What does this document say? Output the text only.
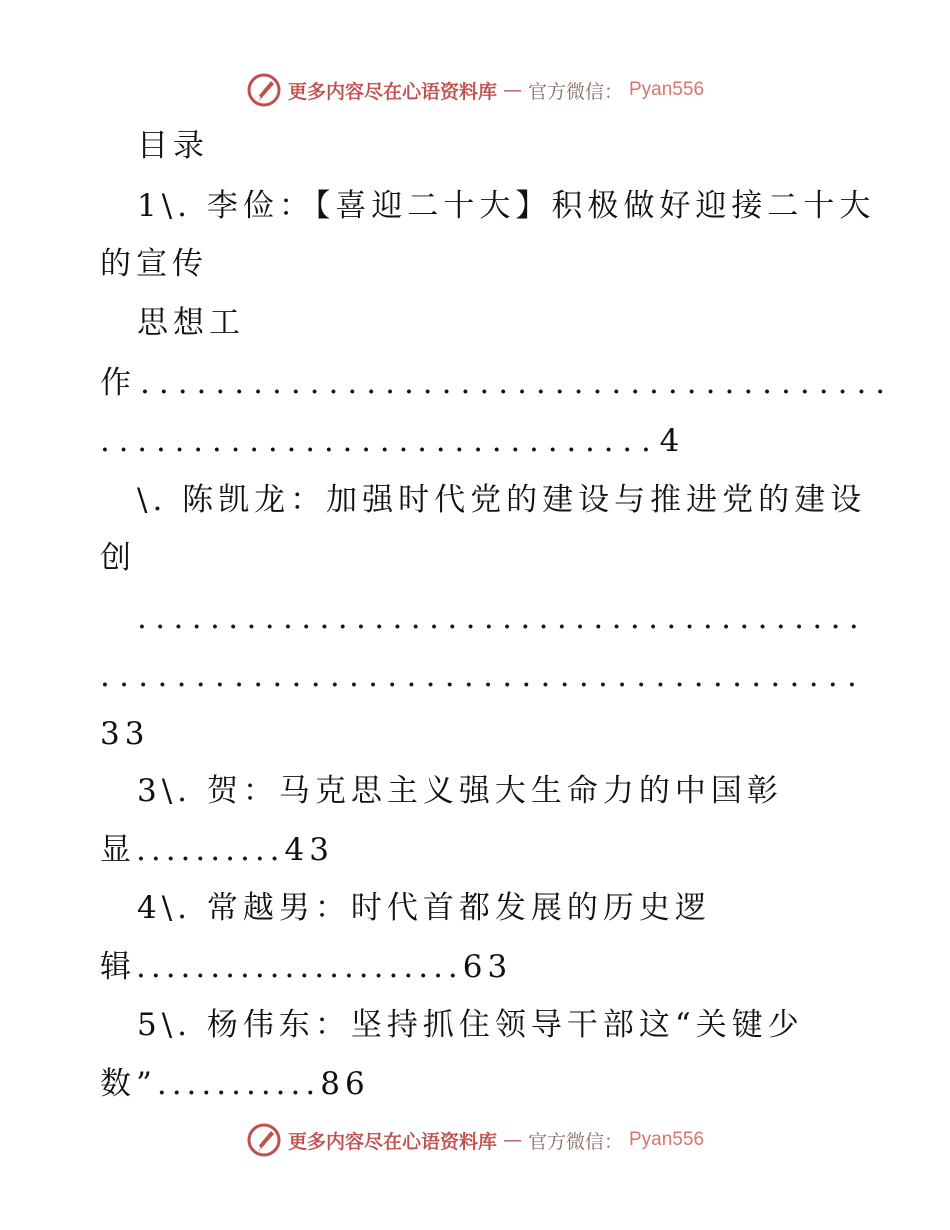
更多内容尽在心语资料库 — 官方微信： Pyan556
目录
1\. 李俭：【喜迎二十大】积极做好迎接二十大
的宣传
思想工
作........................................
..............................4
\. 陈凯龙：加强时代党的建设与推进党的建设
创
........................................
........................................
33
3\. 贺：马克思主义强大生命力的中国彰
显..........43
4\. 常越男：时代首都发展的历史逻
辑......................63
5\. 杨伟东：坚持抓住领导干部这“关键少
数”...........86
更多内容尽在心语资料库 — 官方微信： Pyan556
